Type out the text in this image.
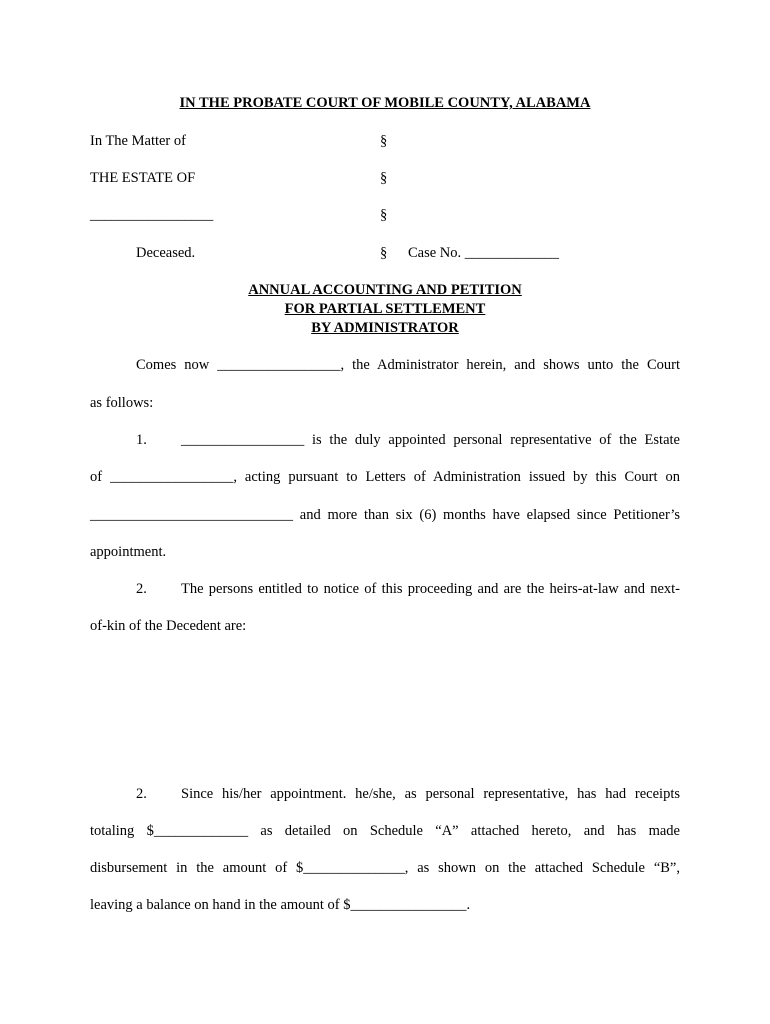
IN THE PROBATE COURT OF MOBILE COUNTY, ALABAMA
In The Matter of	§
THE ESTATE OF	§
_________________	§
Deceased.	§ Case No. _____________
ANNUAL ACCOUNTING AND PETITION
FOR PARTIAL SETTLEMENT
BY ADMINISTRATOR
Comes now _________________, the Administrator herein, and shows unto the Court
as follows:
1. _________________ is the duly appointed personal representative of the Estate
of _________________, acting pursuant to Letters of Administration issued by this Court on
____________________________ and more than six (6) months have elapsed since Petitioner’s
appointment.
2. The persons entitled to notice of this proceeding and are the heirs-at-law and next-
of-kin of the Decedent are:
2. Since his/her appointment. he/she, as personal representative, has had receipts
totaling $_____________ as detailed on Schedule “A” attached hereto, and has made
disbursement in the amount of $______________, as shown on the attached Schedule “B”,
leaving a balance on hand in the amount of $________________.
